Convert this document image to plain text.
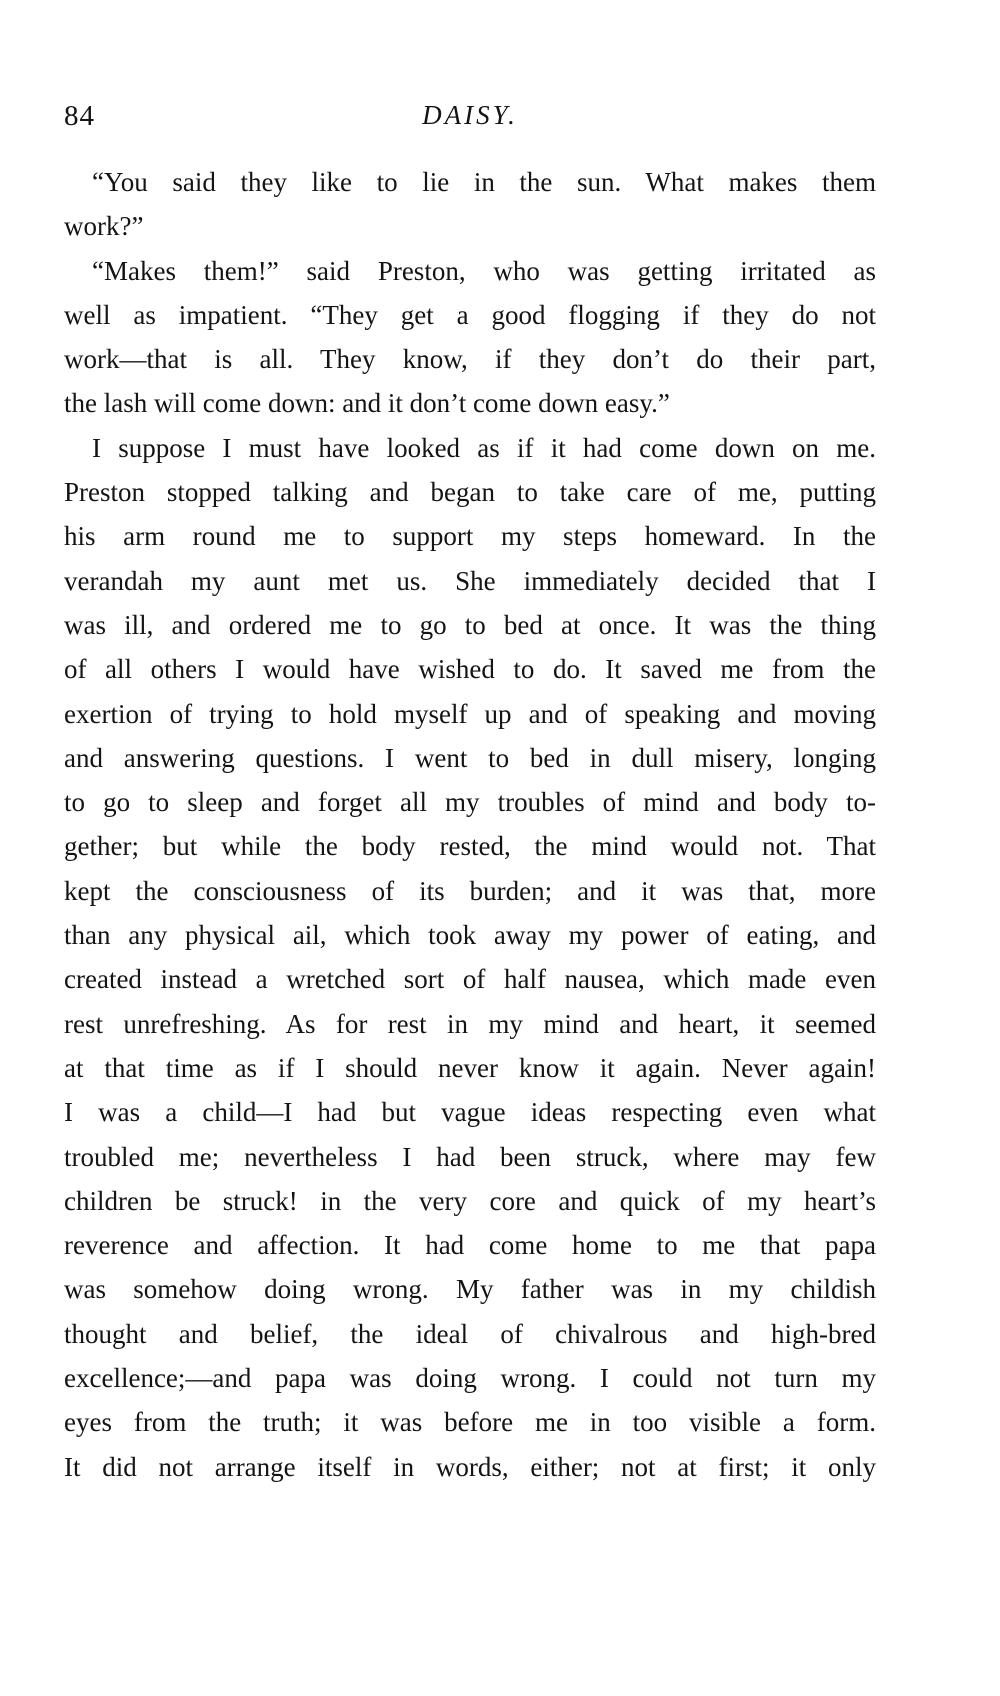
84	DAISY.
“You said they like to lie in the sun. What makes them
work?”
“Makes them!” said Preston, who was getting irritated as
well as impatient. “They get a good flogging if they do not
work—that is all. They know, if they don’t do their part,
the lash will come down: and it don’t come down easy.”
I suppose I must have looked as if it had come down on me.
Preston stopped talking and began to take care of me, putting
his arm round me to support my steps homeward. In the
verandah my aunt met us. She immediately decided that I
was ill, and ordered me to go to bed at once. It was the thing
of all others I would have wished to do. It saved me from the
exertion of trying to hold myself up and of speaking and moving
and answering questions. I went to bed in dull misery, longing
to go to sleep and forget all my troubles of mind and body to-
gether; but while the body rested, the mind would not. That
kept the consciousness of its burden; and it was that, more
than any physical ail, which took away my power of eating, and
created instead a wretched sort of half nausea, which made even
rest unrefreshing. As for rest in my mind and heart, it seemed
at that time as if I should never know it again. Never again!
I was a child—I had but vague ideas respecting even what
troubled me; nevertheless I had been struck, where may few
children be struck! in the very core and quick of my heart’s
reverence and affection. It had come home to me that papa
was somehow doing wrong. My father was in my childish
thought and belief, the ideal of chivalrous and high-bred
excellence;—and papa was doing wrong. I could not turn my
eyes from the truth; it was before me in too visible a form.
It did not arrange itself in words, either; not at first; it only
